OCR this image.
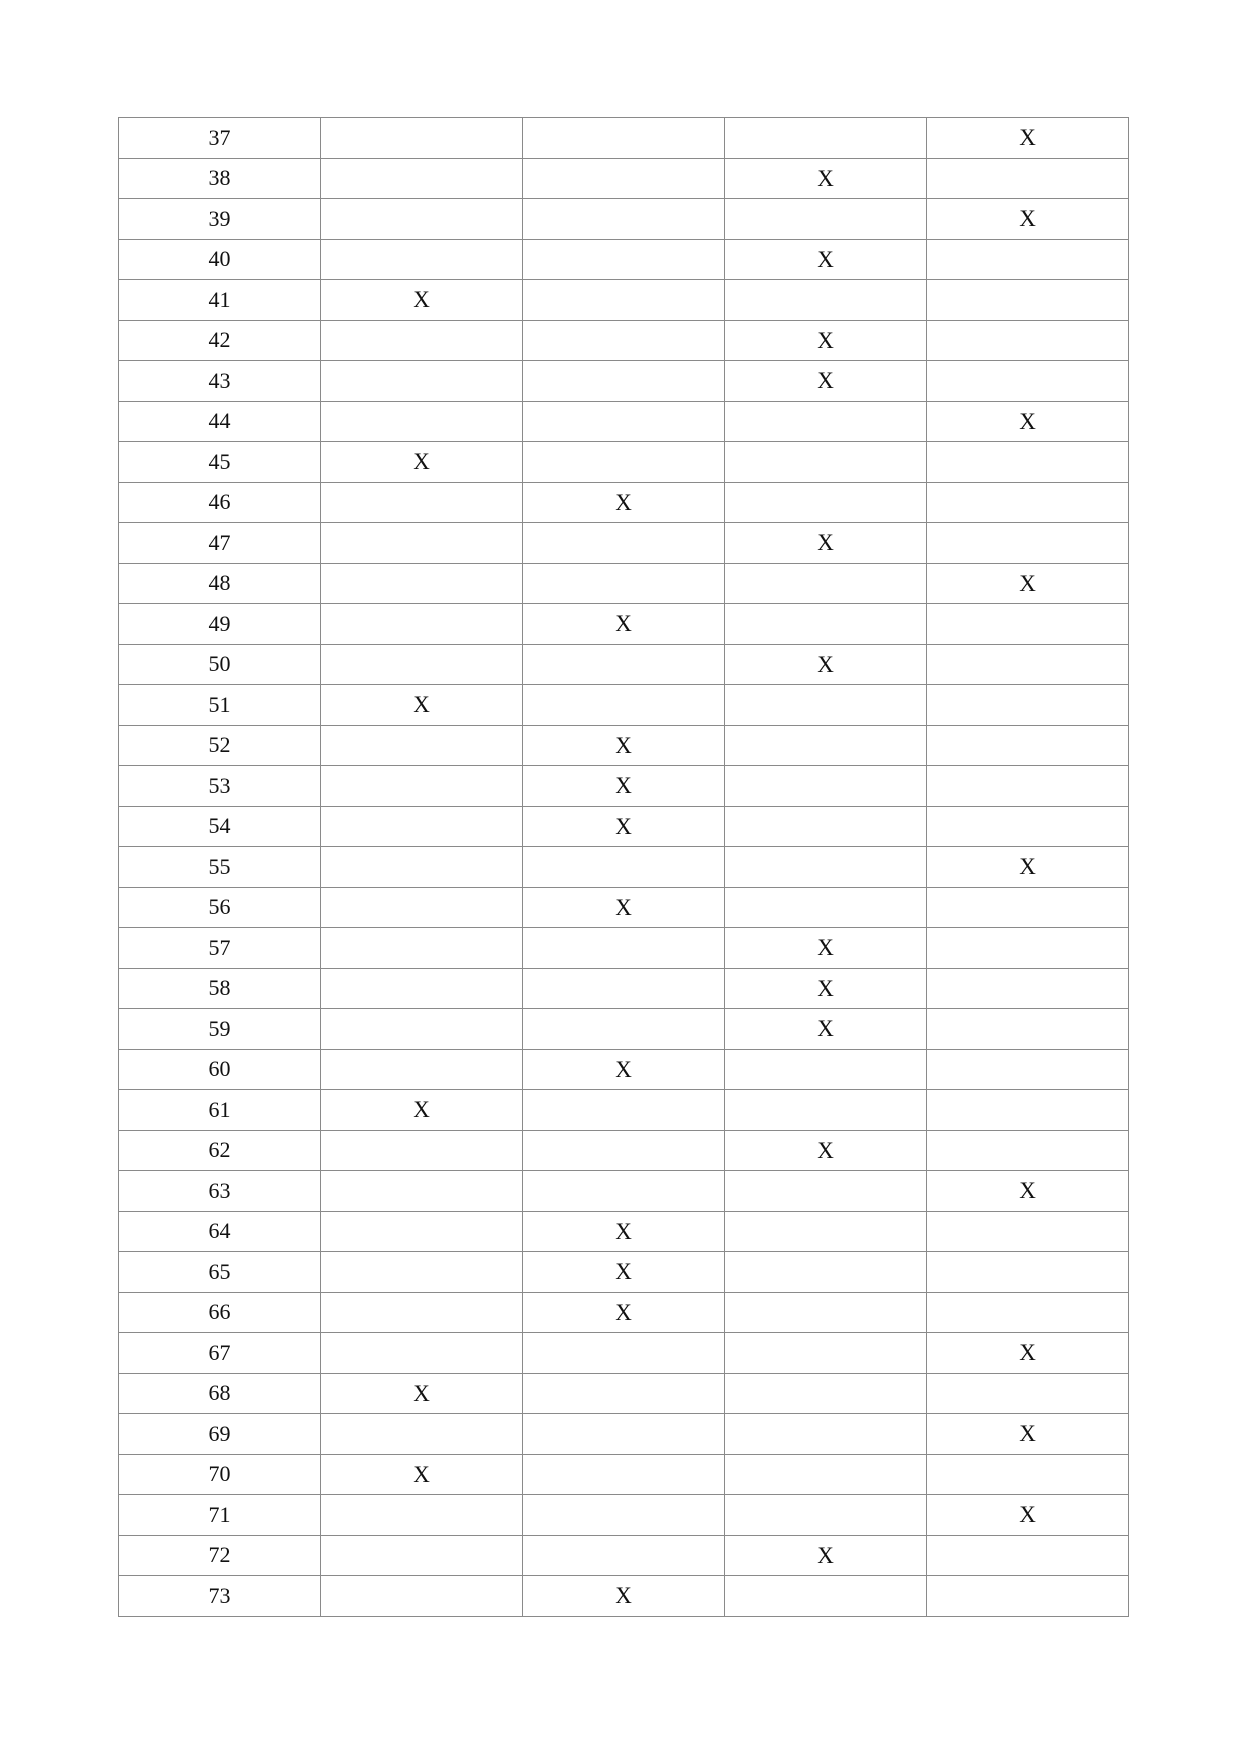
37				X
38			X	
39				X
40			X	
41	X			
42			X	
43			X	
44				X
45	X			
46		X		
47			X	
48				X
49		X		
50			X	
51	X			
52		X		
53		X		
54		X		
55				X
56		X		
57			X	
58			X	
59			X	
60		X		
61	X			
62			X	
63				X
64		X		
65		X		
66		X		
67				X
68	X			
69				X
70	X			
71				X
72			X	
73		X		
